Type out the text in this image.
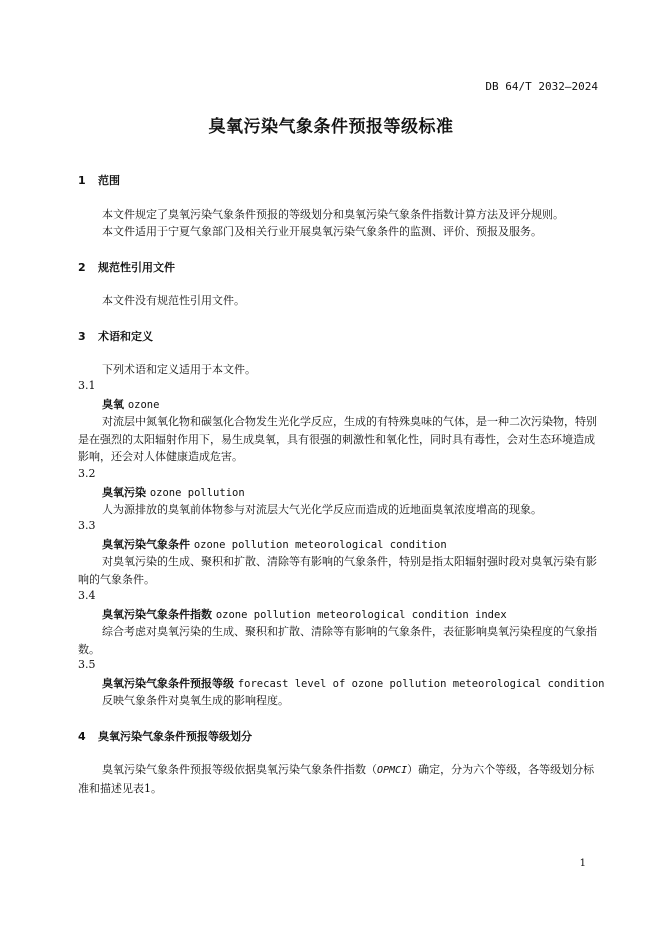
DB 64/T 2032—2024
臭氧污染气象条件预报等级标准
1 范围
本文件规定了臭氧污染气象条件预报的等级划分和臭氧污染气象条件指数计算方法及评分规则。
本文件适用于宁夏气象部门及相关行业开展臭氧污染气象条件的监测、评价、预报及服务。
2 规范性引用文件
本文件没有规范性引用文件。
3 术语和定义
下列术语和定义适用于本文件。
3.1
臭氧 ozone
对流层中氮氧化物和碳氢化合物发生光化学反应，生成的有特殊臭味的气体，是一种二次污染物，特别是在强烈的太阳辐射作用下，易生成臭氧，具有很强的刺激性和氧化性，同时具有毒性，会对生态环境造成影响，还会对人体健康造成危害。
3.2
臭氧污染 ozone pollution
人为源排放的臭氧前体物参与对流层大气光化学反应而造成的近地面臭氧浓度增高的现象。
3.3
臭氧污染气象条件 ozone pollution meteorological condition
对臭氧污染的生成、聚积和扩散、清除等有影响的气象条件，特别是指太阳辐射强时段对臭氧污染有影响的气象条件。
3.4
臭氧污染气象条件指数 ozone pollution meteorological condition index
综合考虑对臭氧污染的生成、聚积和扩散、清除等有影响的气象条件，表征影响臭氧污染程度的气象指数。
3.5
臭氧污染气象条件预报等级 forecast level of ozone pollution meteorological condition
反映气象条件对臭氧生成的影响程度。
4 臭氧污染气象条件预报等级划分
臭氧污染气象条件预报等级依据臭氧污染气象条件指数（OPMCI）确定，分为六个等级，各等级划分标准和描述见表1。
1
